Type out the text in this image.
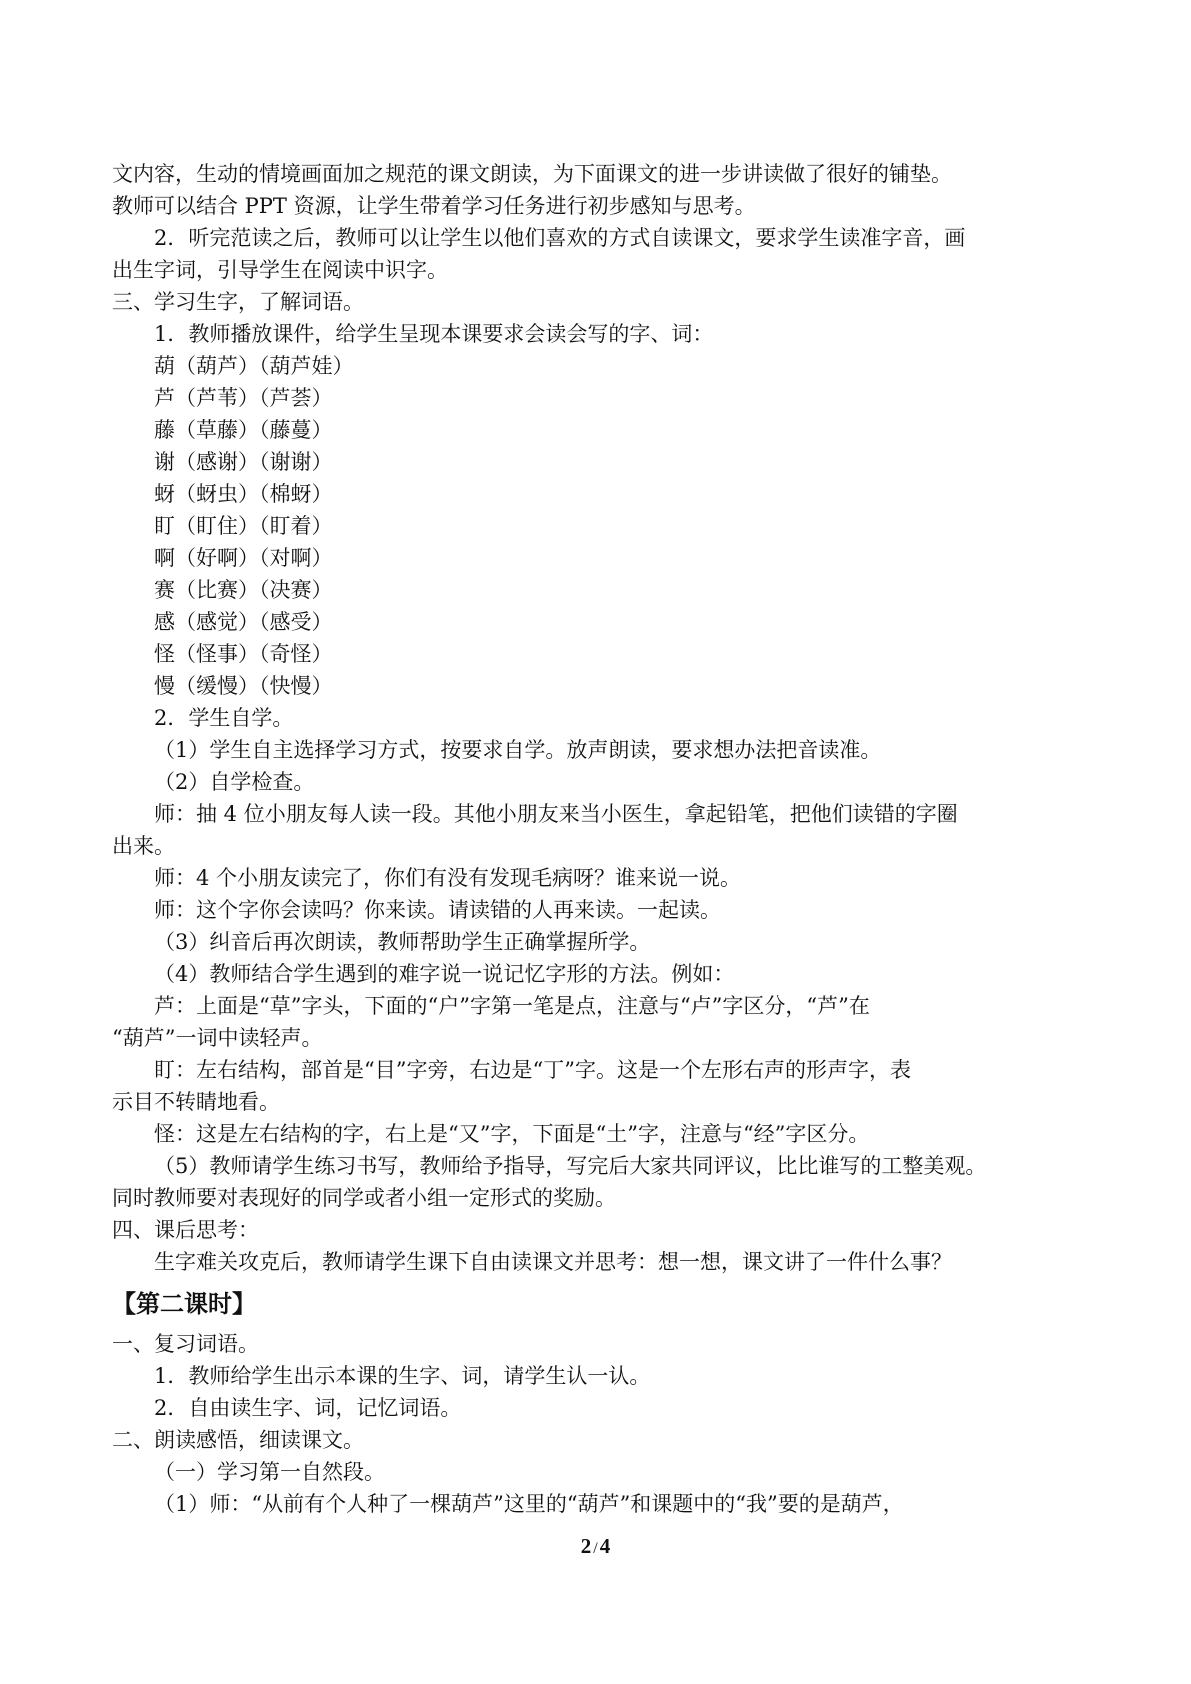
文内容，生动的情境画面加之规范的课文朗读，为下面课文的进一步讲读做了很好的铺垫。
教师可以结合 PPT 资源，让学生带着学习任务进行初步感知与思考。
2．听完范读之后，教师可以让学生以他们喜欢的方式自读课文，要求学生读准字音，画
出生字词，引导学生在阅读中识字。
三、学习生字，了解词语。
1．教师播放课件，给学生呈现本课要求会读会写的字、词：
葫（葫芦）（葫芦娃）
芦（芦苇）（芦荟）
藤（草藤）（藤蔓）
谢（感谢）（谢谢）
蚜（蚜虫）（棉蚜）
盯（盯住）（盯着）
啊（好啊）（对啊）
赛（比赛）（决赛）
感（感觉）（感受）
怪（怪事）（奇怪）
慢（缓慢）（快慢）
2．学生自学。
（1）学生自主选择学习方式，按要求自学。放声朗读，要求想办法把音读准。
（2）自学检查。
师：抽 4 位小朋友每人读一段。其他小朋友来当小医生，拿起铅笔，把他们读错的字圈
出来。
师：4 个小朋友读完了，你们有没有发现毛病呀？谁来说一说。
师：这个字你会读吗？你来读。请读错的人再来读。一起读。
（3）纠音后再次朗读，教师帮助学生正确掌握所学。
（4）教师结合学生遇到的难字说一说记忆字形的方法。例如：
芦：上面是“草”字头，下面的“户”字第一笔是点，注意与“卢”字区分，“芦”在
“葫芦”一词中读轻声。
盯：左右结构，部首是“目”字旁，右边是“丁”字。这是一个左形右声的形声字，表
示目不转睛地看。
怪：这是左右结构的字，右上是“又”字，下面是“土”字，注意与“经”字区分。
（5）教师请学生练习书写，教师给予指导，写完后大家共同评议，比比谁写的工整美观。
同时教师要对表现好的同学或者小组一定形式的奖励。
四、课后思考：
生字难关攻克后，教师请学生课下自由读课文并思考：想一想，课文讲了一件什么事？
【第二课时】
一、复习词语。
1．教师给学生出示本课的生字、词，请学生认一认。
2．自由读生字、词，记忆词语。
二、朗读感悟，细读课文。
（一）学习第一自然段。
（1）师：“从前有个人种了一棵葫芦”这里的“葫芦”和课题中的“我”要的是葫芦，
2 /4
